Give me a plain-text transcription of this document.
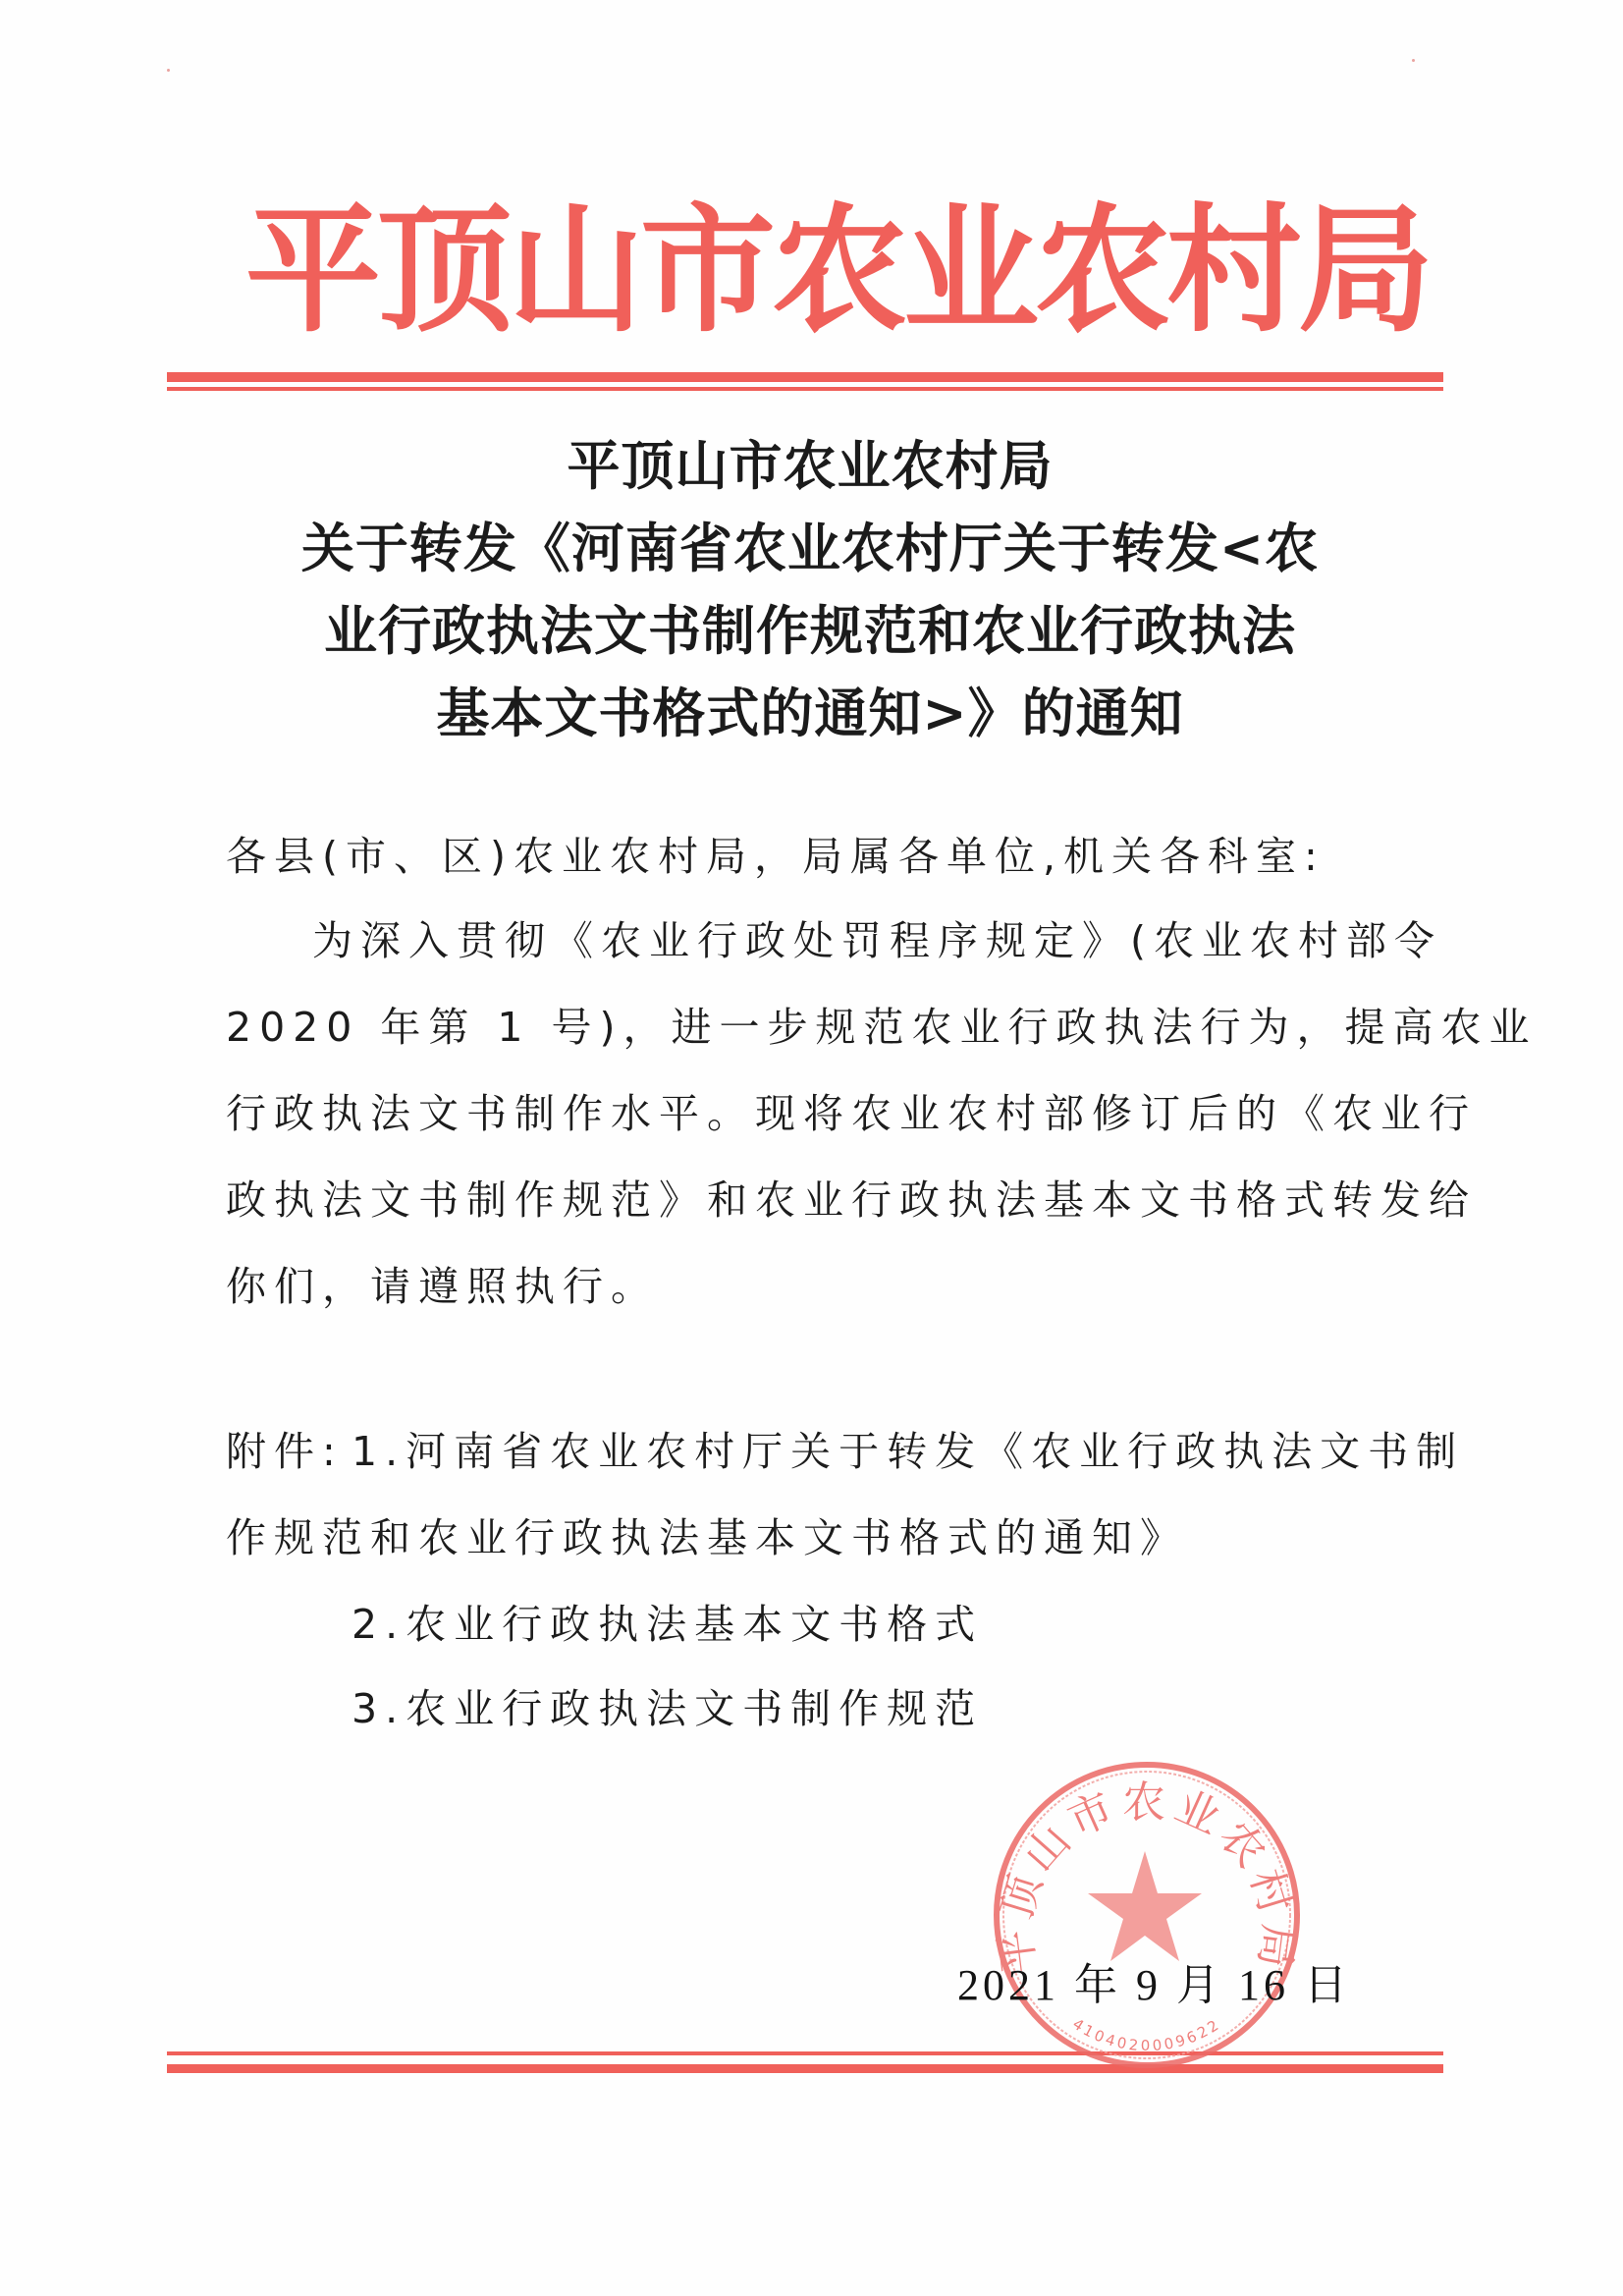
平顶山市农业农村局
平顶山市农业农村局
关于转发《河南省农业农村厅关于转发<农
业行政执法文书制作规范和农业行政执法
基本文书格式的通知>》的通知
各县(市、区)农业农村局，局属各单位,机关各科室:
为深入贯彻《农业行政处罚程序规定》(农业农村部令
2020 年第 1 号)，进一步规范农业行政执法行为，提高农业
行政执法文书制作水平。现将农业农村部修订后的《农业行
政执法文书制作规范》和农业行政执法基本文书格式转发给
你们，请遵照执行。
附件: 1.河南省农业农村厅关于转发《农业行政执法文书制
作规范和农业行政执法基本文书格式的通知》
2.农业行政执法基本文书格式
3.农业行政执法文书制作规范
平顶山市农业农村局
4104020009622
2021 年 9 月 16 日
